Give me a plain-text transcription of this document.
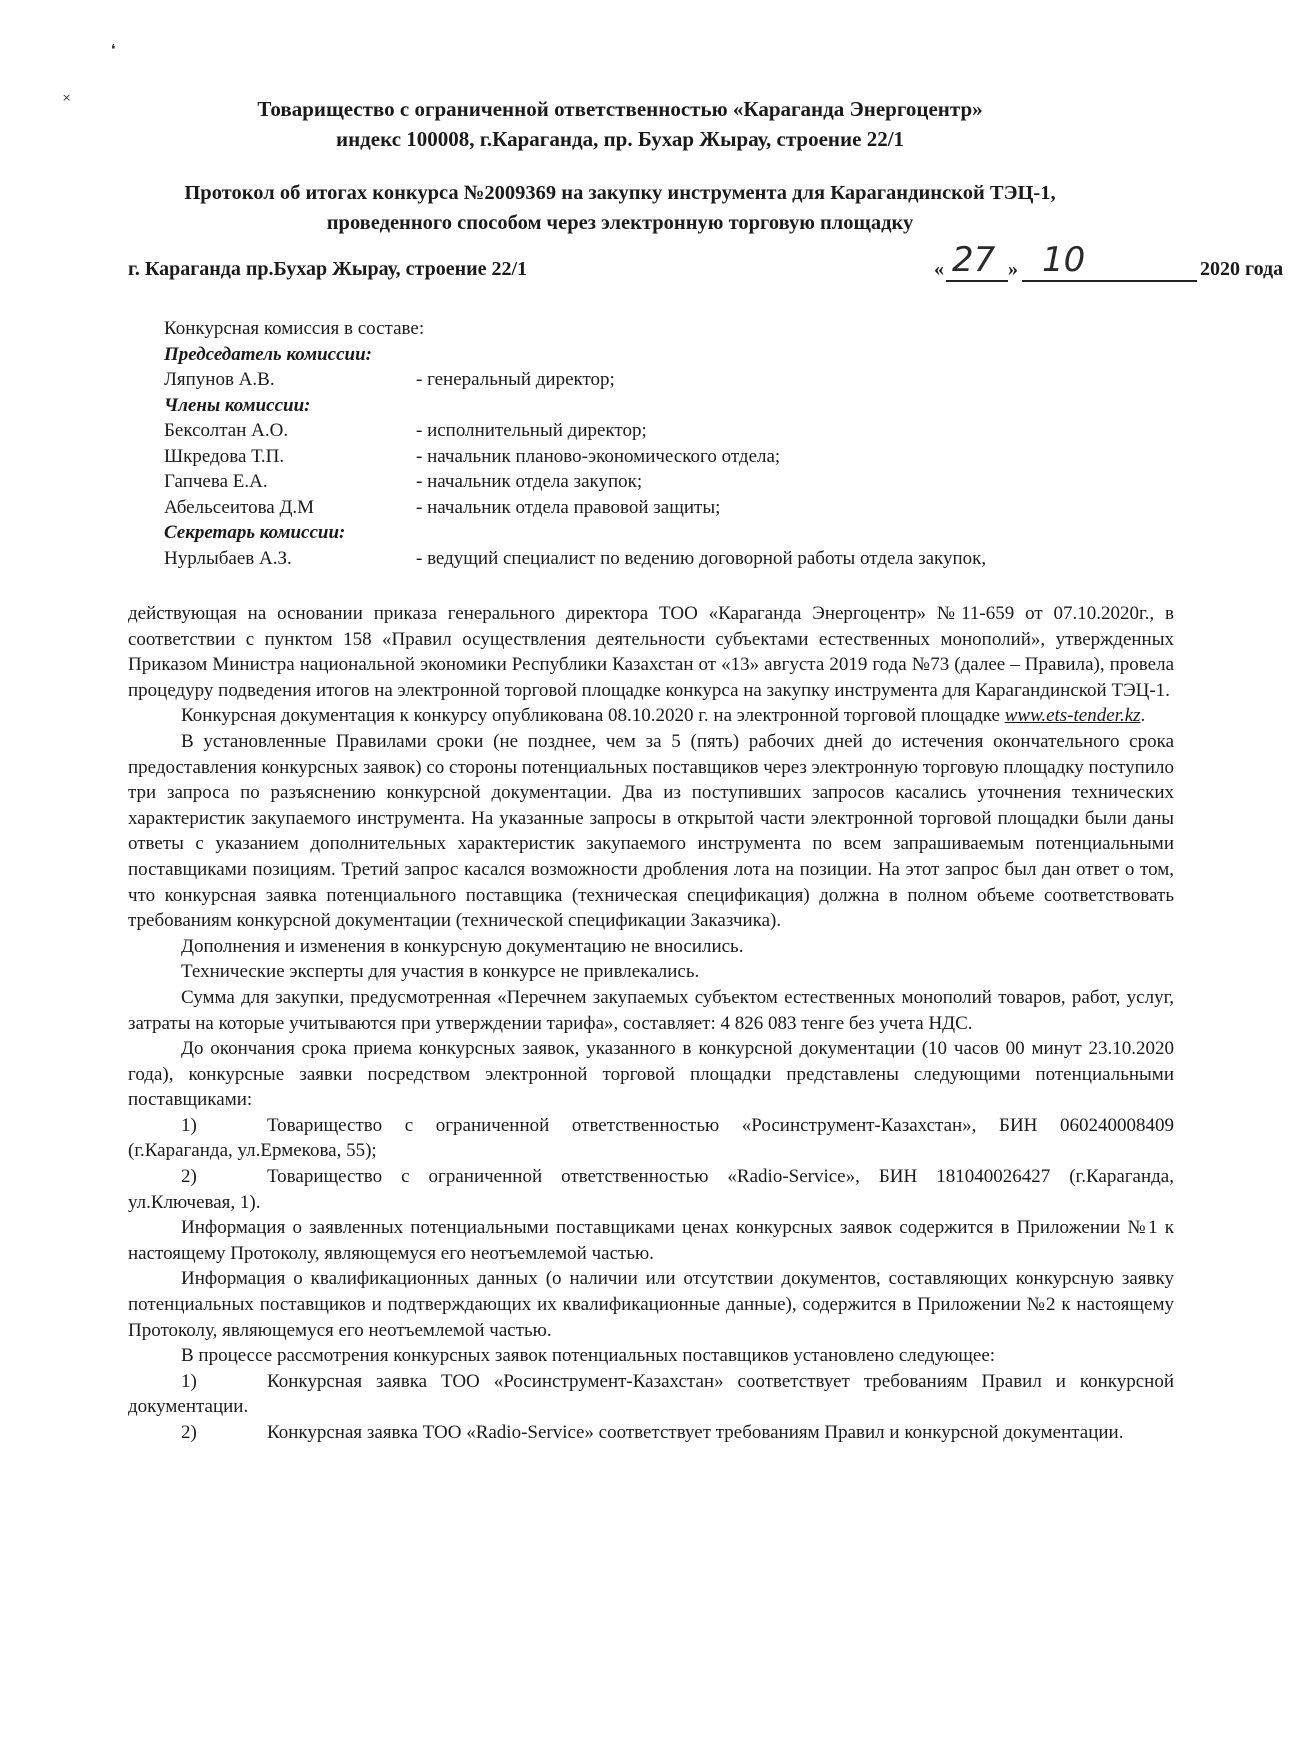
❛
×	Товарищество с ограниченной ответственностью «Караганда Энергоцентр»
индекс 100008, г.Караганда, пр. Бухар Жырау, строение 22/1
Протокол об итогах конкурса №2009369 на закупку инструмента для Карагандинской ТЭЦ-1,
проведенного способом через электронную торговую площадку
г. Караганда пр.Бухар Жырау, строение 22/1	« 27 » 10	2020 года
Конкурсная комиссия в составе:
Председатель комиссии:
Ляпунов А.В.	- генеральный директор;
Члены комиссии:
Бексолтан А.О.	- исполнительный директор;
Шкредова Т.П.	- начальник планово-экономического отдела;
Гапчева Е.А.	- начальник отдела закупок;
Абельсеитова Д.М	- начальник отдела правовой защиты;
Секретарь комиссии:
Нурлыбаев А.З.	- ведущий специалист по ведению договорной работы отдела закупок,

действующая на основании приказа генерального директора ТОО «Караганда Энергоцентр» №11-659 от 07.10.2020г., в соответствии с пунктом 158 «Правил осуществления деятельности субъектами естественных монополий», утвержденных Приказом Министра национальной экономики Республики Казахстан от «13» августа 2019 года №73 (далее – Правила), провела процедуру подведения итогов на электронной торговой площадке конкурса на закупку инструмента для Карагандинской ТЭЦ-1.

Конкурсная документация к конкурсу опубликована 08.10.2020 г. на электронной торговой площадке www.ets-tender.kz.

В установленные Правилами сроки (не позднее, чем за 5 (пять) рабочих дней до истечения окончательного срока предоставления конкурсных заявок) со стороны потенциальных поставщиков через электронную торговую площадку поступило три запроса по разъяснению конкурсной документации. Два из поступивших запросов касались уточнения технических характеристик закупаемого инструмента. На указанные запросы в открытой части электронной торговой площадки были даны ответы с указанием дополнительных характеристик закупаемого инструмента по всем запрашиваемым потенциальными поставщиками позициям. Третий запрос касался возможности дробления лота на позиции. На этот запрос был дан ответ о том, что конкурсная заявка потенциального поставщика (техническая спецификация) должна в полном объеме соответствовать требованиям конкурсной документации (технической спецификации Заказчика).

Дополнения и изменения в конкурсную документацию не вносились.

Технические эксперты для участия в конкурсе не привлекались.

Сумма для закупки, предусмотренная «Перечнем закупаемых субъектом естественных монополий товаров, работ, услуг, затраты на которые учитываются при утверждении тарифа», составляет: 4 826 083 тенге без учета НДС.

До окончания срока приема конкурсных заявок, указанного в конкурсной документации (10 часов 00 минут 23.10.2020 года), конкурсные заявки посредством электронной торговой площадки представлены следующими потенциальными поставщиками:

1)	Товарищество с ограниченной ответственностью «Росинструмент-Казахстан», БИН 060240008409 (г.Караганда, ул.Ермекова, 55);

2)	Товарищество с ограниченной ответственностью «Radio-Service», БИН 181040026427 (г.Караганда, ул.Ключевая, 1).

Информация о заявленных потенциальными поставщиками ценах конкурсных заявок содержится в Приложении №1 к настоящему Протоколу, являющемуся его неотъемлемой частью.

Информация о квалификационных данных (о наличии или отсутствии документов, составляющих конкурсную заявку потенциальных поставщиков и подтверждающих их квалификационные данные), содержится в Приложении №2 к настоящему Протоколу, являющемуся его неотъемлемой частью.

В процессе рассмотрения конкурсных заявок потенциальных поставщиков установлено следующее:

1)	Конкурсная заявка ТОО «Росинструмент-Казахстан» соответствует требованиям Правил и конкурсной документации.

2)	Конкурсная заявка ТОО «Radio-Service» соответствует требованиям Правил и конкурсной документации.
